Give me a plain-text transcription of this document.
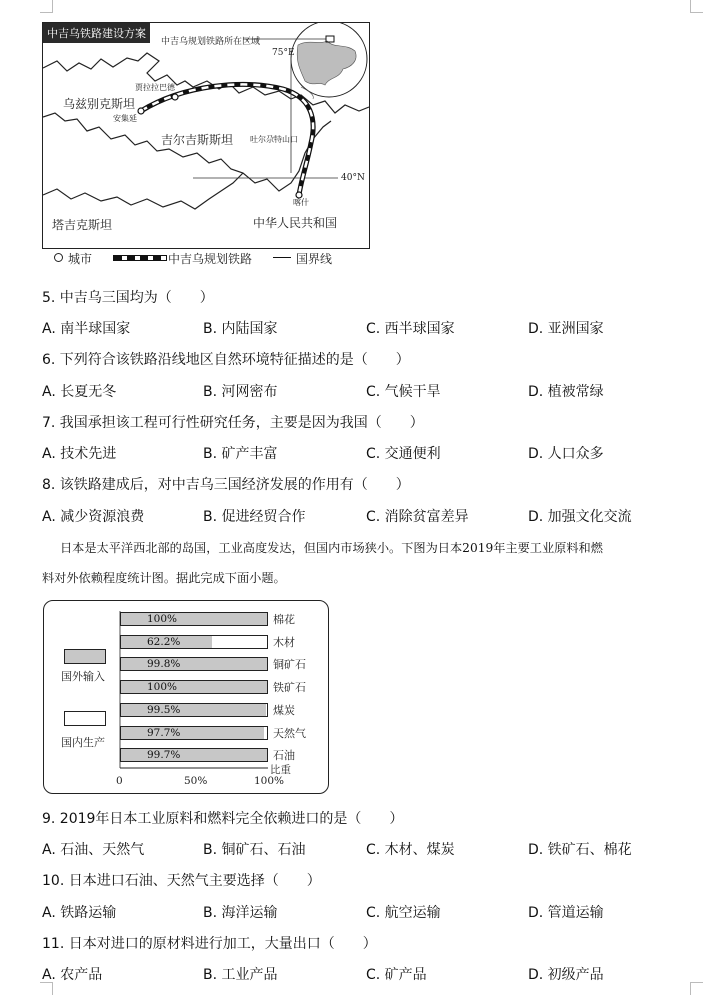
中吉乌铁路建设方案
中吉乌规划铁路所在区域
75°E
40°N
乌兹别克斯坦
吉尔吉斯斯坦
塔吉克斯坦	中华人民共和国
贾拉拉巴德
安集延
吐尔尕特山口
喀什
城市	中吉乌规划铁路	国界线
5. 中吉乌三国均为（　　）
A. 南半球国家	B. 内陆国家	C. 西半球国家	D. 亚洲国家
6. 下列符合该铁路沿线地区自然环境特征描述的是（　　）
A. 长夏无冬	B. 河网密布	C. 气候干旱	D. 植被常绿
7. 我国承担该工程可行性研究任务，主要是因为我国（　　）
A. 技术先进	B. 矿产丰富	C. 交通便利	D. 人口众多
8. 该铁路建成后，对中吉乌三国经济发展的作用有（　　）
A. 减少资源浪费	B. 促进经贸合作	C. 消除贫富差异	D. 加强文化交流
日本是太平洋西北部的岛国，工业高度发达，但国内市场狭小。下图为日本2019年主要工业原料和燃
料对外依赖程度统计图。据此完成下面小题。
国外输入
国内生产
100%	棉花
62.2%	木材
99.8%	铜矿石
100%	铁矿石
99.5%	煤炭
97.7%	天然气
99.7%	石油
0	50%	100%
比重
9. 2019年日本工业原料和燃料完全依赖进口的是（　　）
A. 石油、天然气	B. 铜矿石、石油	C. 木材、煤炭	D. 铁矿石、棉花
10. 日本进口石油、天然气主要选择（　　）
A. 铁路运输	B. 海洋运输	C. 航空运输	D. 管道运输
11. 日本对进口的原材料进行加工，大量出口（　　）
A. 农产品	B. 工业产品	C. 矿产品	D. 初级产品
